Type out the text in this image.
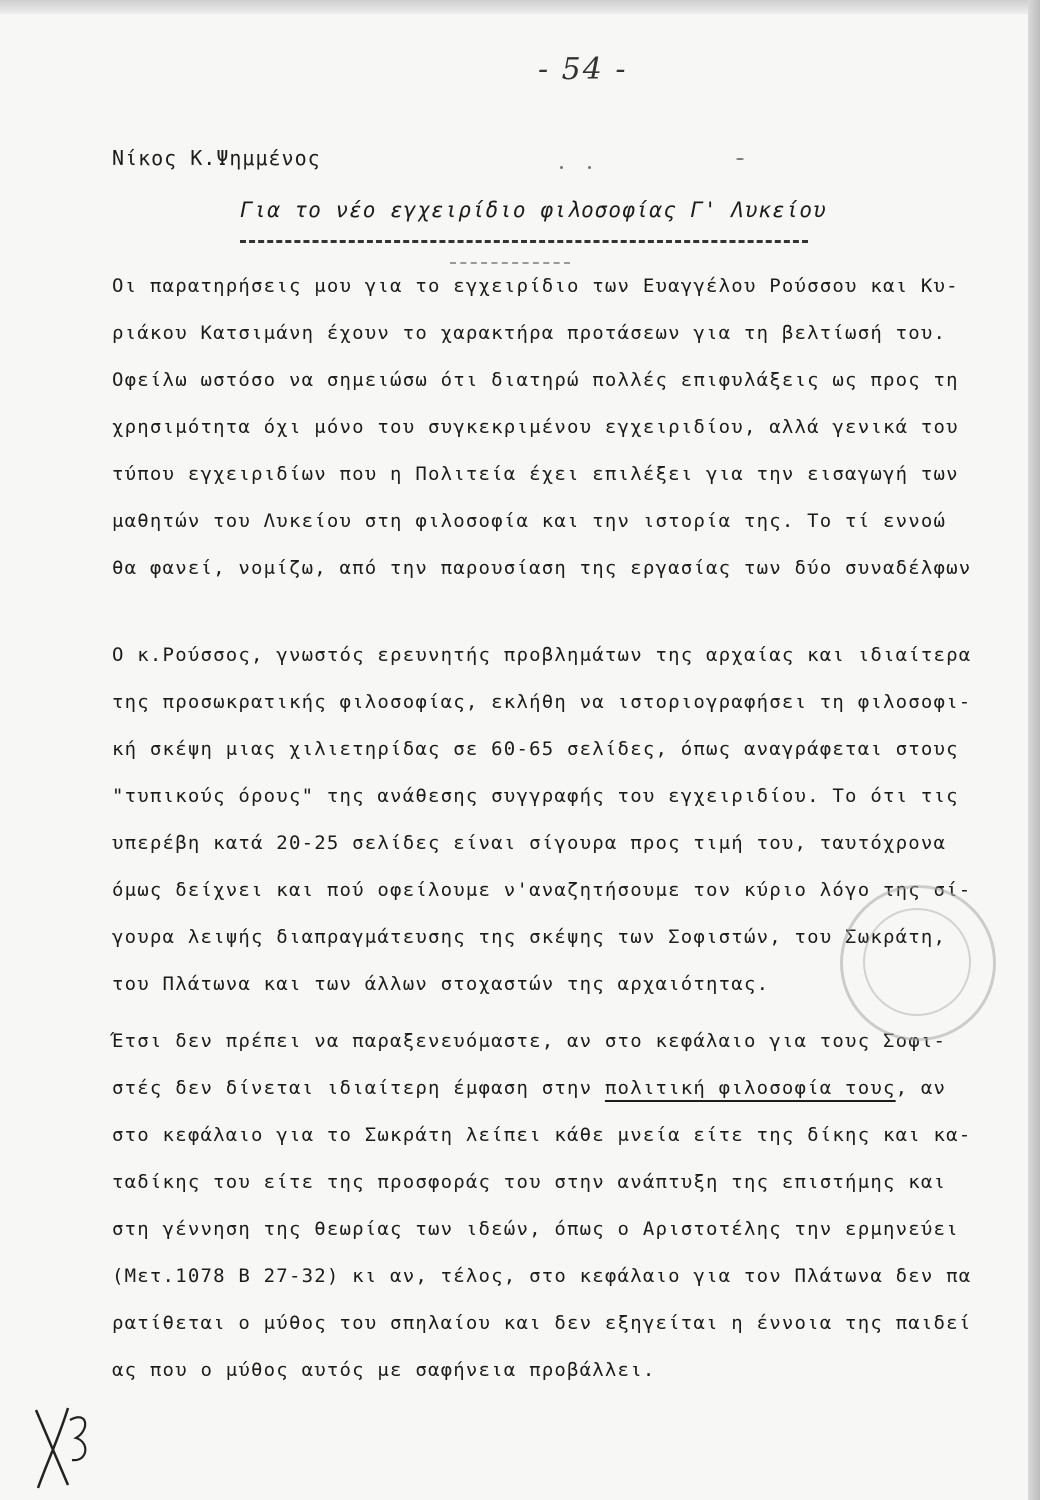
- 54 -
Νίκος Κ.Ψημμένος
Για το νέο εγχειρίδιο φιλοσοφίας Γ' Λυκείου
Οι παρατηρήσεις μου για το εγχειρίδιο των Ευαγγέλου Ρούσσου και Κυ-
ριάκου Κατσιμάνη έχουν το χαρακτήρα προτάσεων για τη βελτίωσή του.
Οφείλω ωστόσο να σημειώσω ότι διατηρώ πολλές επιφυλάξεις ως προς τη
χρησιμότητα όχι μόνο του συγκεκριμένου εγχειριδίου, αλλά γενικά του
τύπου εγχειριδίων που η Πολιτεία έχει επιλέξει για την εισαγωγή των
μαθητών του Λυκείου στη φιλοσοφία και την ιστορία της. Το τί εννοώ
θα φανεί, νομίζω, από την παρουσίαση της εργασίας των δύο συναδέλφων
Ο κ.Ρούσσος, γνωστός ερευνητής προβλημάτων της αρχαίας και ιδιαίτερα
της προσωκρατικής φιλοσοφίας, εκλήθη να ιστοριογραφήσει τη φιλοσοφι-
κή σκέψη μιας χιλιετηρίδας σε 60-65 σελίδες, όπως αναγράφεται στους
"τυπικούς όρους" της ανάθεσης συγγραφής του εγχειριδίου. Το ότι τις
υπερέβη κατά 20-25 σελίδες είναι σίγουρα προς τιμή του, ταυτόχρονα
όμως δείχνει και πού οφείλουμε ν'αναζητήσουμε τον κύριο λόγο της σί-
γουρα λειψής διαπραγμάτευσης της σκέψης των Σοφιστών, του Σωκράτη,
του Πλάτωνα και των άλλων στοχαστών της αρχαιότητας.
Έτσι δεν πρέπει να παραξενευόμαστε, αν στο κεφάλαιο για τους Σοφι-
στές δεν δίνεται ιδιαίτερη έμφαση στην πολιτική φιλοσοφία τους, αν
στο κεφάλαιο για το Σωκράτη λείπει κάθε μνεία είτε της δίκης και κα-
ταδίκης του είτε της προσφοράς του στην ανάπτυξη της επιστήμης και
στη γέννηση της θεωρίας των ιδεών, όπως ο Αριστοτέλης την ερμηνεύει
(Μετ.1078 Β 27-32) κι αν, τέλος, στο κεφάλαιο για τον Πλάτωνα δεν πα
ρατίθεται ο μύθος του σπηλαίου και δεν εξηγείται η έννοια της παιδεί
ας που ο μύθος αυτός με σαφήνεια προβάλλει.
